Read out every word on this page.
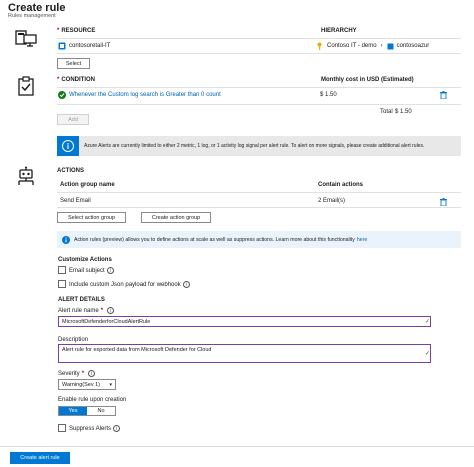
Create rule
Rules management
* RESOURCE	HIERARCHY
contosoretail-IT	Contoso IT - demo › contosoazur
Select
* CONDITION	Monthly cost in USD (Estimated)
Whenever the Custom log search is Greater than 0 count	$ 1.50
Total $ 1.50
Add
i	Azure Alerts are currently limited to either 2 metric, 1 log, or 1 activity log signal per alert rule. To alert on more signals, please create additional alert rules.
ACTIONS
Action group name	Contain actions
Send Email	2 Email(s)
Select action group	Create action group
Action rules (preview) allows you to define actions at scale as well as suppress actions. Learn more about this functionality here
Customize Actions
Email subject i
Include custom Json payload for webhook i
ALERT DETAILS
Alert rule name * i
MicrosoftDefenderforCloudAlertRule	✓
Description
Alert rule for exported data from Microsoft Defender for Cloud
✓
Severity * i
Warning(Sev 1) ▾
Enable rule upon creation
Yes	No
Suppress Alerts i
Create alert rule
